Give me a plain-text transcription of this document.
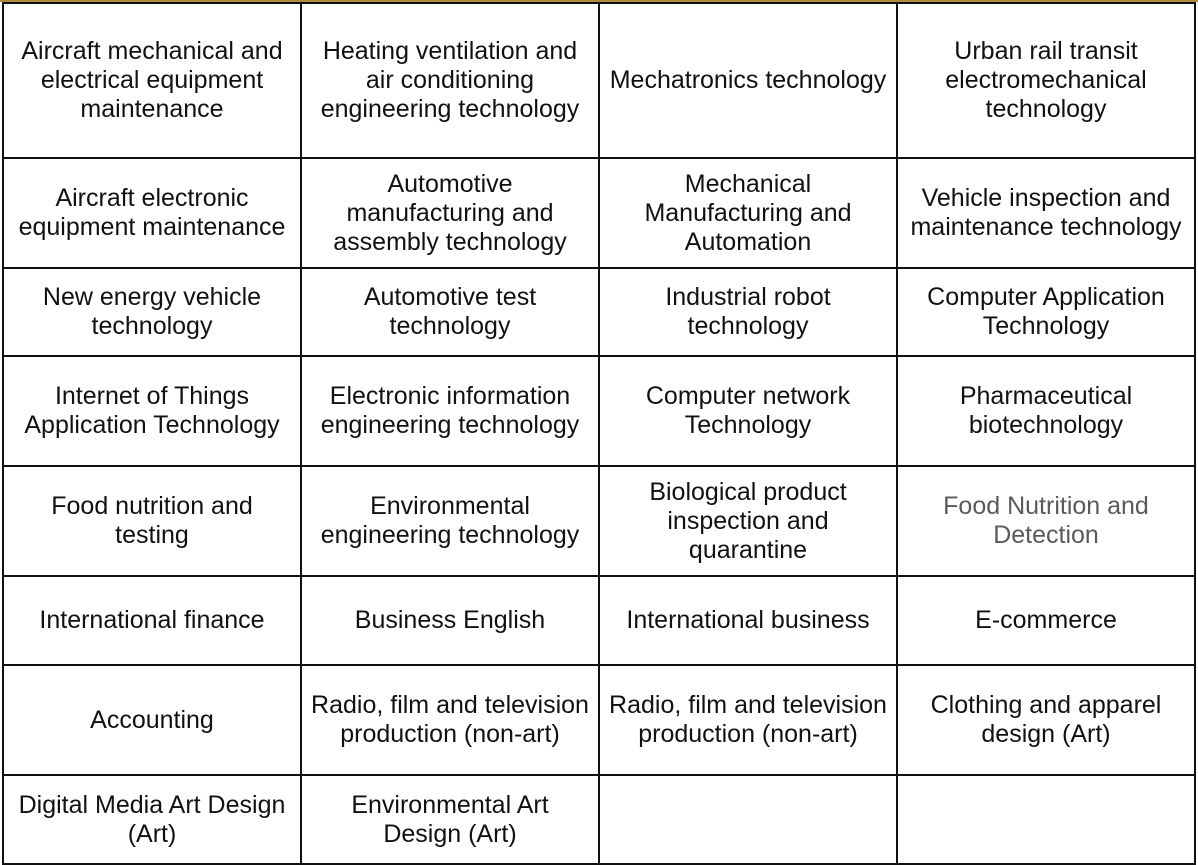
Aircraft mechanical and electrical equipment maintenance	Heating ventilation and air conditioning engineering technology	Mechatronics technology	Urban rail transit electromechanical technology
Aircraft electronic equipment maintenance	Automotive manufacturing and assembly technology	Mechanical Manufacturing and Automation	Vehicle inspection and maintenance technology
New energy vehicle technology	Automotive test technology	Industrial robot technology	Computer Application Technology
Internet of Things Application Technology	Electronic information engineering technology	Computer network Technology	Pharmaceutical biotechnology
Food nutrition and testing	Environmental engineering technology	Biological product inspection and quarantine	Food Nutrition and Detection
International finance	Business English	International business	E-commerce
Accounting	Radio, film and television production (non-art)	Radio, film and television production (non-art)	Clothing and apparel design (Art)
Digital Media Art Design (Art)	Environmental Art Design (Art)		
